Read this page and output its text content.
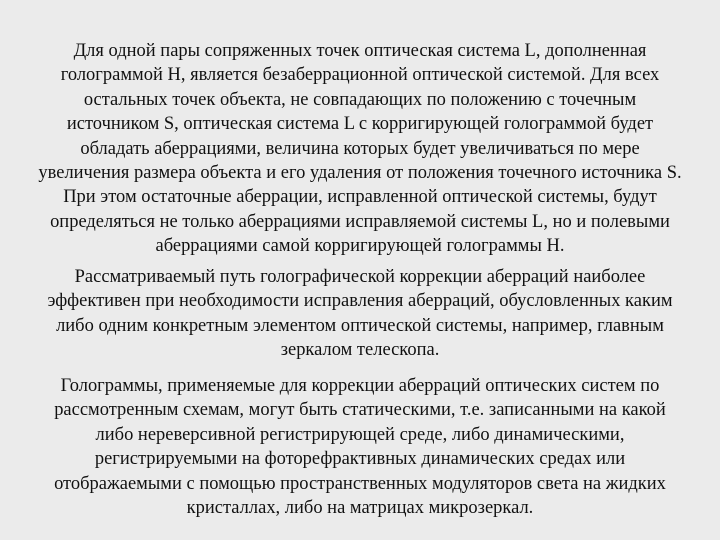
Для одной пары сопряженных точек оптическая система L, дополненная
голограммой H, является безаберрационной оптической системой. Для всех
остальных точек объекта, не совпадающих по положению с точечным
источником S, оптическая система L с корригирующей голограммой будет
обладать аберрациями, величина которых будет увеличиваться по мере
увеличения размера объекта и его удаления от положения точечного источника S.
При этом остаточные аберрации, исправленной оптической системы, будут
определяться не только аберрациями исправляемой системы L, но и полевыми
аберрациями самой корригирующей голограммы H.
Рассматриваемый путь голографической коррекции аберраций наиболее
эффективен при необходимости исправления аберраций, обусловленных каким
либо одним конкретным элементом оптической системы, например, главным
зеркалом телескопа.
Голограммы, применяемые для коррекции аберраций оптических систем по
рассмотренным схемам, могут быть статическими, т.е. записанными на какой
либо нереверсивной регистрирующей среде, либо динамическими,
регистрируемыми на фоторефрактивных динамических средах или
отображаемыми с помощью пространственных модуляторов света на жидких
кристаллах, либо на матрицах микрозеркал.
